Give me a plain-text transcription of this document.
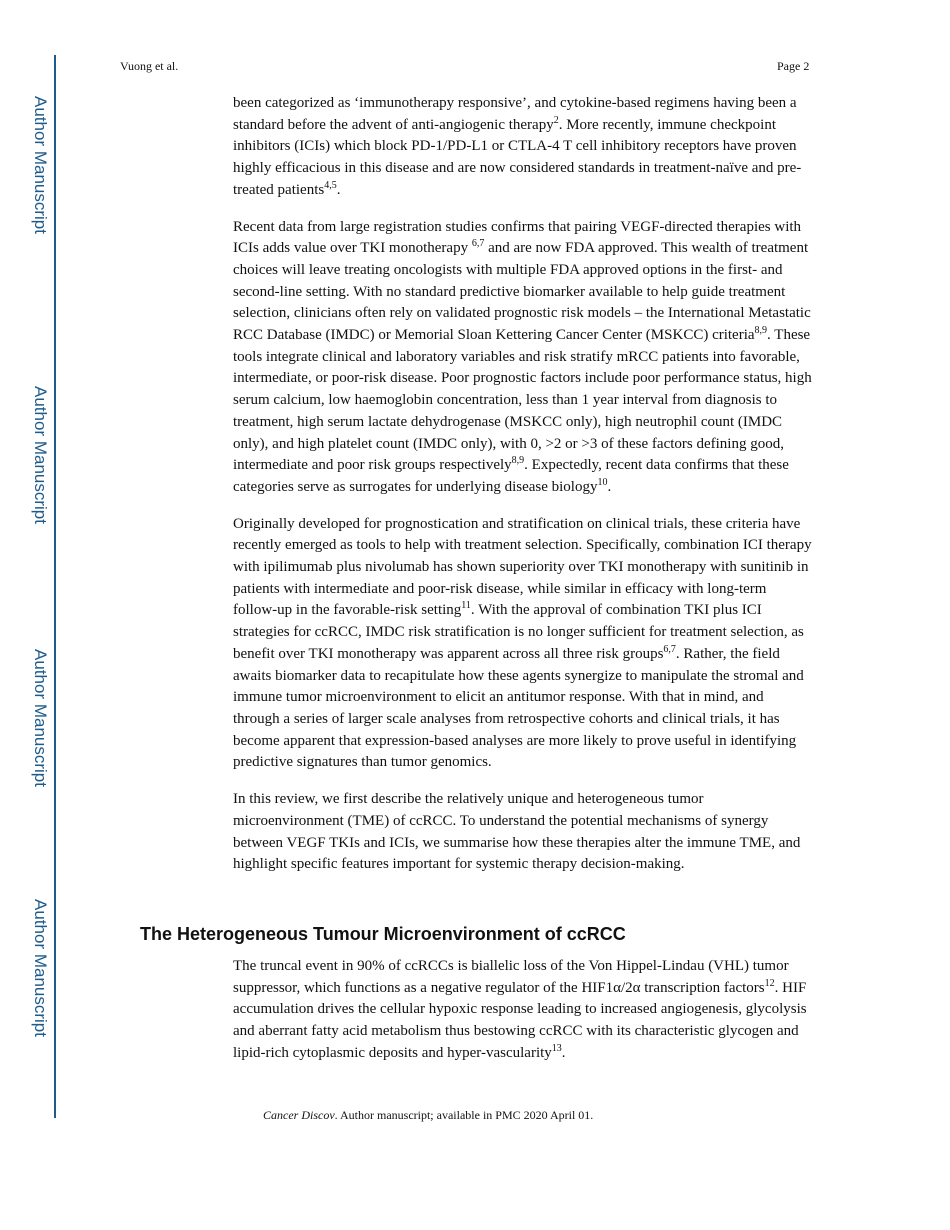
Author Manuscript
Author Manuscript
Author Manuscript
Author Manuscript
Vuong et al.	Page 2

been categorized as ‘immunotherapy responsive’, and cytokine-based regimens having been a standard before the advent of anti-angiogenic therapy$^2$. More recently, immune checkpoint inhibitors (ICIs) which block PD-1/PD-L1 or CTLA-4 T cell inhibitory receptors have proven highly efficacious in this disease and are now considered standards in treatment-naïve and pre-treated patients$^{4,5}$.

Recent data from large registration studies confirms that pairing VEGF-directed therapies with ICIs adds value over TKI monotherapy $^{6,7}$ and are now FDA approved. This wealth of treatment choices will leave treating oncologists with multiple FDA approved options in the first- and second-line setting. With no standard predictive biomarker available to help guide treatment selection, clinicians often rely on validated prognostic risk models – the International Metastatic RCC Database (IMDC) or Memorial Sloan Kettering Cancer Center (MSKCC) criteria$^{8,9}$. These tools integrate clinical and laboratory variables and risk stratify mRCC patients into favorable, intermediate, or poor-risk disease. Poor prognostic factors include poor performance status, high serum calcium, low haemoglobin concentration, less than 1 year interval from diagnosis to treatment, high serum lactate dehydrogenase (MSKCC only), high neutrophil count (IMDC only), and high platelet count (IMDC only), with 0, >2 or >3 of these factors defining good, intermediate and poor risk groups respectively$^{8,9}$. Expectedly, recent data confirms that these categories serve as surrogates for underlying disease biology$^{10}$.

Originally developed for prognostication and stratification on clinical trials, these criteria have recently emerged as tools to help with treatment selection. Specifically, combination ICI therapy with ipilimumab plus nivolumab has shown superiority over TKI monotherapy with sunitinib in patients with intermediate and poor-risk disease, while similar in efficacy with long-term follow-up in the favorable-risk setting$^{11}$. With the approval of combination TKI plus ICI strategies for ccRCC, IMDC risk stratification is no longer sufficient for treatment selection, as benefit over TKI monotherapy was apparent across all three risk groups$^{6,7}$. Rather, the field awaits biomarker data to recapitulate how these agents synergize to manipulate the stromal and immune tumor microenvironment to elicit an antitumor response. With that in mind, and through a series of larger scale analyses from retrospective cohorts and clinical trials, it has become apparent that expression-based analyses are more likely to prove useful in identifying predictive signatures than tumor genomics.

In this review, we first describe the relatively unique and heterogeneous tumor microenvironment (TME) of ccRCC. To understand the potential mechanisms of synergy between VEGF TKIs and ICIs, we summarise how these therapies alter the immune TME, and highlight specific features important for systemic therapy decision-making.

The Heterogeneous Tumour Microenvironment of ccRCC

The truncal event in 90% of ccRCCs is biallelic loss of the Von Hippel-Lindau (VHL) tumor suppressor, which functions as a negative regulator of the HIF1α/2α transcription factors$^{12}$. HIF accumulation drives the cellular hypoxic response leading to increased angiogenesis, glycolysis and aberrant fatty acid metabolism thus bestowing ccRCC with its characteristic glycogen and lipid-rich cytoplasmic deposits and hyper-vascularity$^{13}$.

Cancer Discov. Author manuscript; available in PMC 2020 April 01.
